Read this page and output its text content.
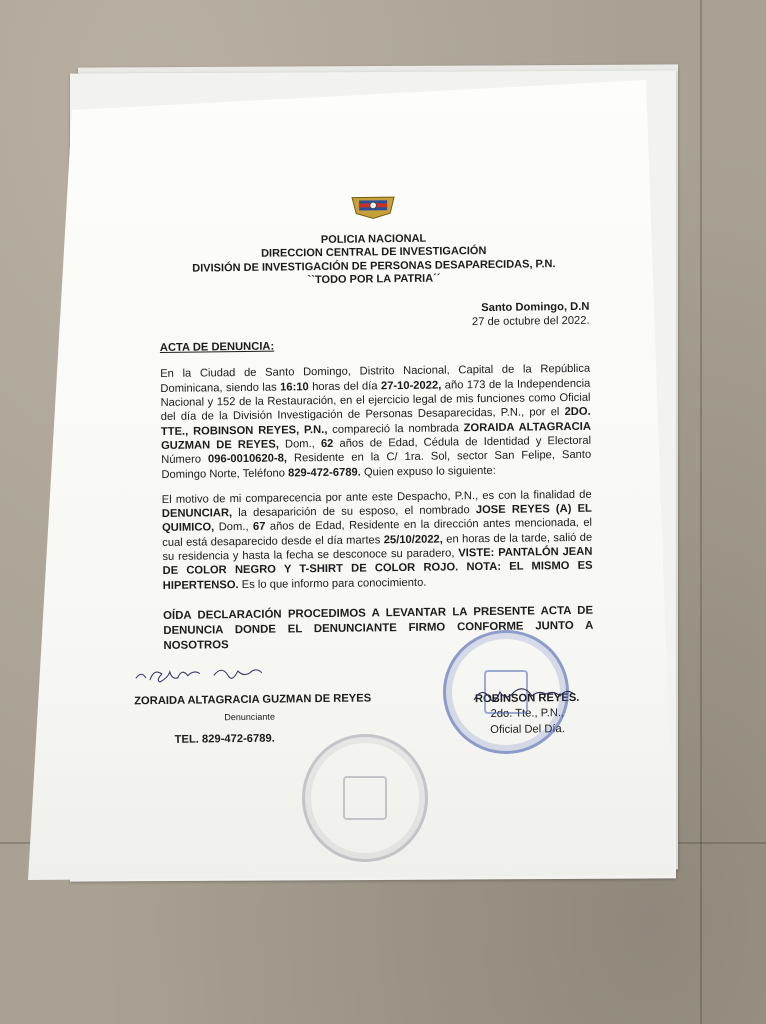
POLICIA NACIONAL
DIRECCION CENTRAL DE INVESTIGACIÓN
DIVISIÓN DE INVESTIGACIÓN DE PERSONAS DESAPARECIDAS, P.N.
``TODO POR LA PATRIA´´
Santo Domingo, D.N
27 de octubre del 2022.
ACTA DE DENUNCIA:

En la Ciudad de Santo Domingo, Distrito Nacional, Capital de la República Dominicana, siendo las 16:10 horas del día 27-10-2022, año 173 de la Independencia Nacional y 152 de la Restauración, en el ejercicio legal de mis funciones como Oficial del día de la División Investigación de Personas Desaparecidas, P.N., por el 2DO. TTE., ROBINSON REYES, P.N., compareció la nombrada ZORAIDA ALTAGRACIA GUZMAN DE REYES, Dom., 62 años de Edad, Cédula de Identidad y Electoral Número 096-0010620-8, Residente en la C/ 1ra. Sol, sector San Felipe, Santo Domingo Norte, Teléfono 829-472-6789. Quien expuso lo siguiente:

El motivo de mi comparecencia por ante este Despacho, P.N., es con la finalidad de DENUNCIAR, la desaparición de su esposo, el nombrado JOSE REYES (A) EL QUIMICO, Dom., 67 años de Edad, Residente en la dirección antes mencionada, el cual está desaparecido desde el día martes 25/10/2022, en horas de la tarde, salió de su residencia y hasta la fecha se desconoce su paradero, VISTE: PANTALÓN JEAN DE COLOR NEGRO Y T-SHIRT DE COLOR ROJO. NOTA: EL MISMO ES HIPERTENSO. Es lo que informo para conocimiento.

OÍDA DECLARACIÓN PROCEDIMOS A LEVANTAR LA PRESENTE ACTA DE DENUNCIA DONDE EL DENUNCIANTE FIRMO CONFORME JUNTO A NOSOTROS
ZORAIDA ALTAGRACIA GUZMAN DE REYES
Denunciante
TEL. 829-472-6789.
ROBINSON REYES.
2do. Tte., P.N.,
Oficial Del Día.
